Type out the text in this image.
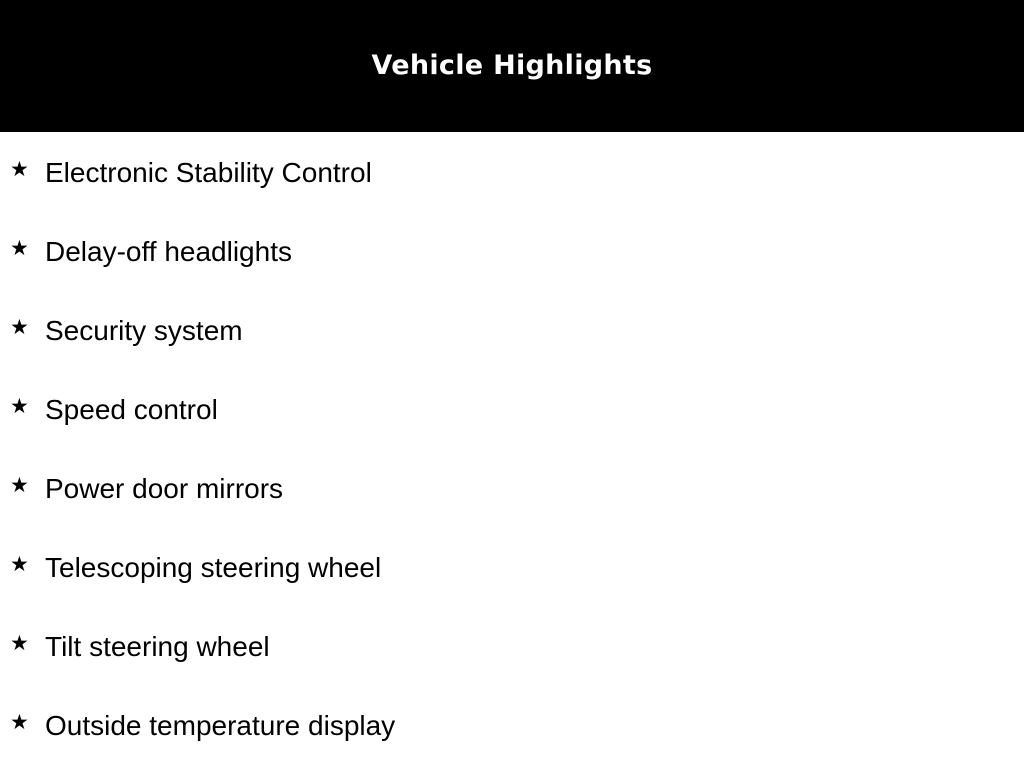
Vehicle Highlights
★ Electronic Stability Control
★ Delay-off headlights
★ Security system
★ Speed control
★ Power door mirrors
★ Telescoping steering wheel
★ Tilt steering wheel
★ Outside temperature display
